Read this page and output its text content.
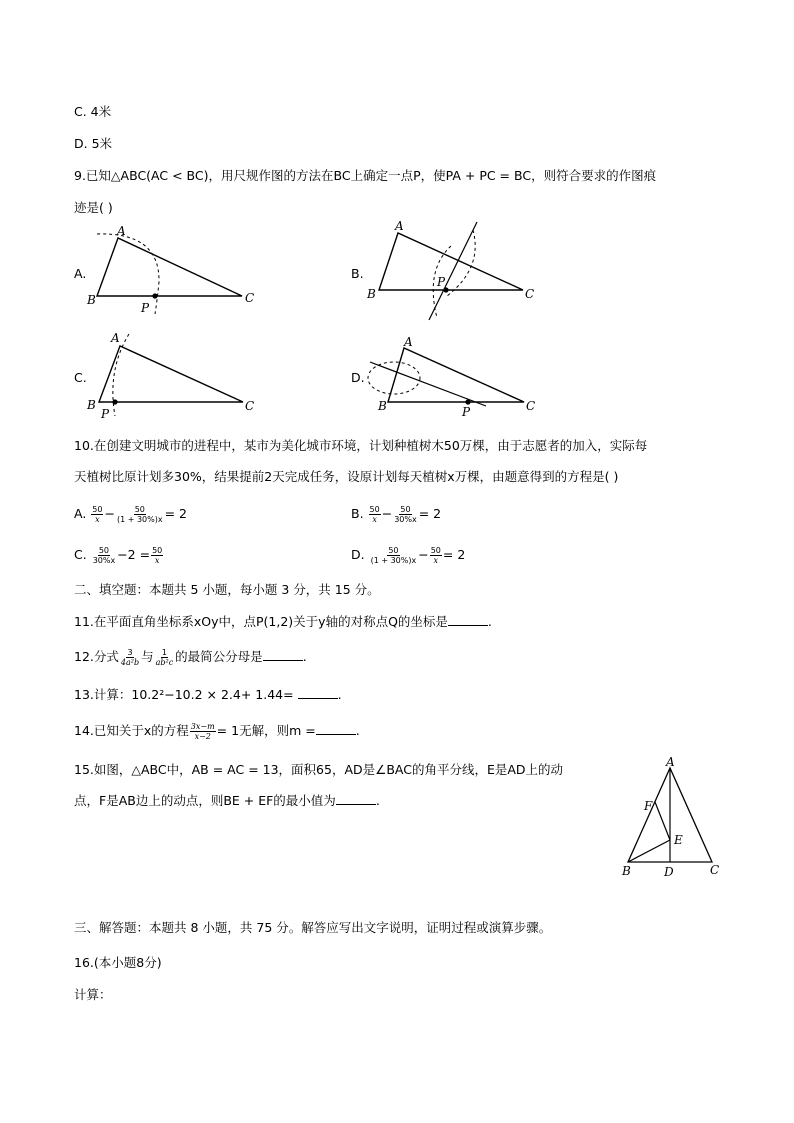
C. 4米
D. 5米
9.已知△ABC(AC < BC)，用尺规作图的方法在BC上确定一点P，使PA + PC = BC，则符合要求的作图痕
迹是( )
A.
A
B	C
P
B.
A
B	C
P
C.
A
B	C
P
D.
A
B	C
P
10.在创建文明城市的进程中，某市为美化城市环境，计划种植树木50万棵，由于志愿者的加入，实际每
天植树比原计划多30%，结果提前2天完成任务，设原计划每天植树x万棵，由题意得到的方程是( )
A. $\frac{50}{x} - \frac{50}{(1 + 30\%)x} = 2$	B. $\frac{50}{x} - \frac{50}{30\%x} = 2$
C. $\frac{50}{30\%x} -2 = \frac{50}{x}$	D. $\frac{50}{(1 + 30\%)x} - \frac{50}{x} = 2$
二、填空题：本题共 5 小题，每小题 3 分，共 15 分。
11.在平面直角坐标系xOy中，点P(1,2)关于y轴的对称点Q的坐标是	.
12.分式 $\frac{3}{\text{4a²b}}$ 与 $\frac{1}{\text{ab²c}}$ 的最简公分母是	.
13.计算：10.2²−10.2 × 2.4+ 1.44=	.
14.已知关于x的方程 $\frac{3x-m}{x-2} = 1$无解，则m =	.
15.如图，△ABC中，AB = AC = 13，面积65，AD是∠BAC的角平分线，E是AD上的动
点，F是AB边上的动点，则BE + EF的最小值为	.
A
B	C
D
E
F
三、解答题：本题共 8 小题，共 75 分。解答应写出文字说明，证明过程或演算步骤。
16.(本小题8分)
计算：
